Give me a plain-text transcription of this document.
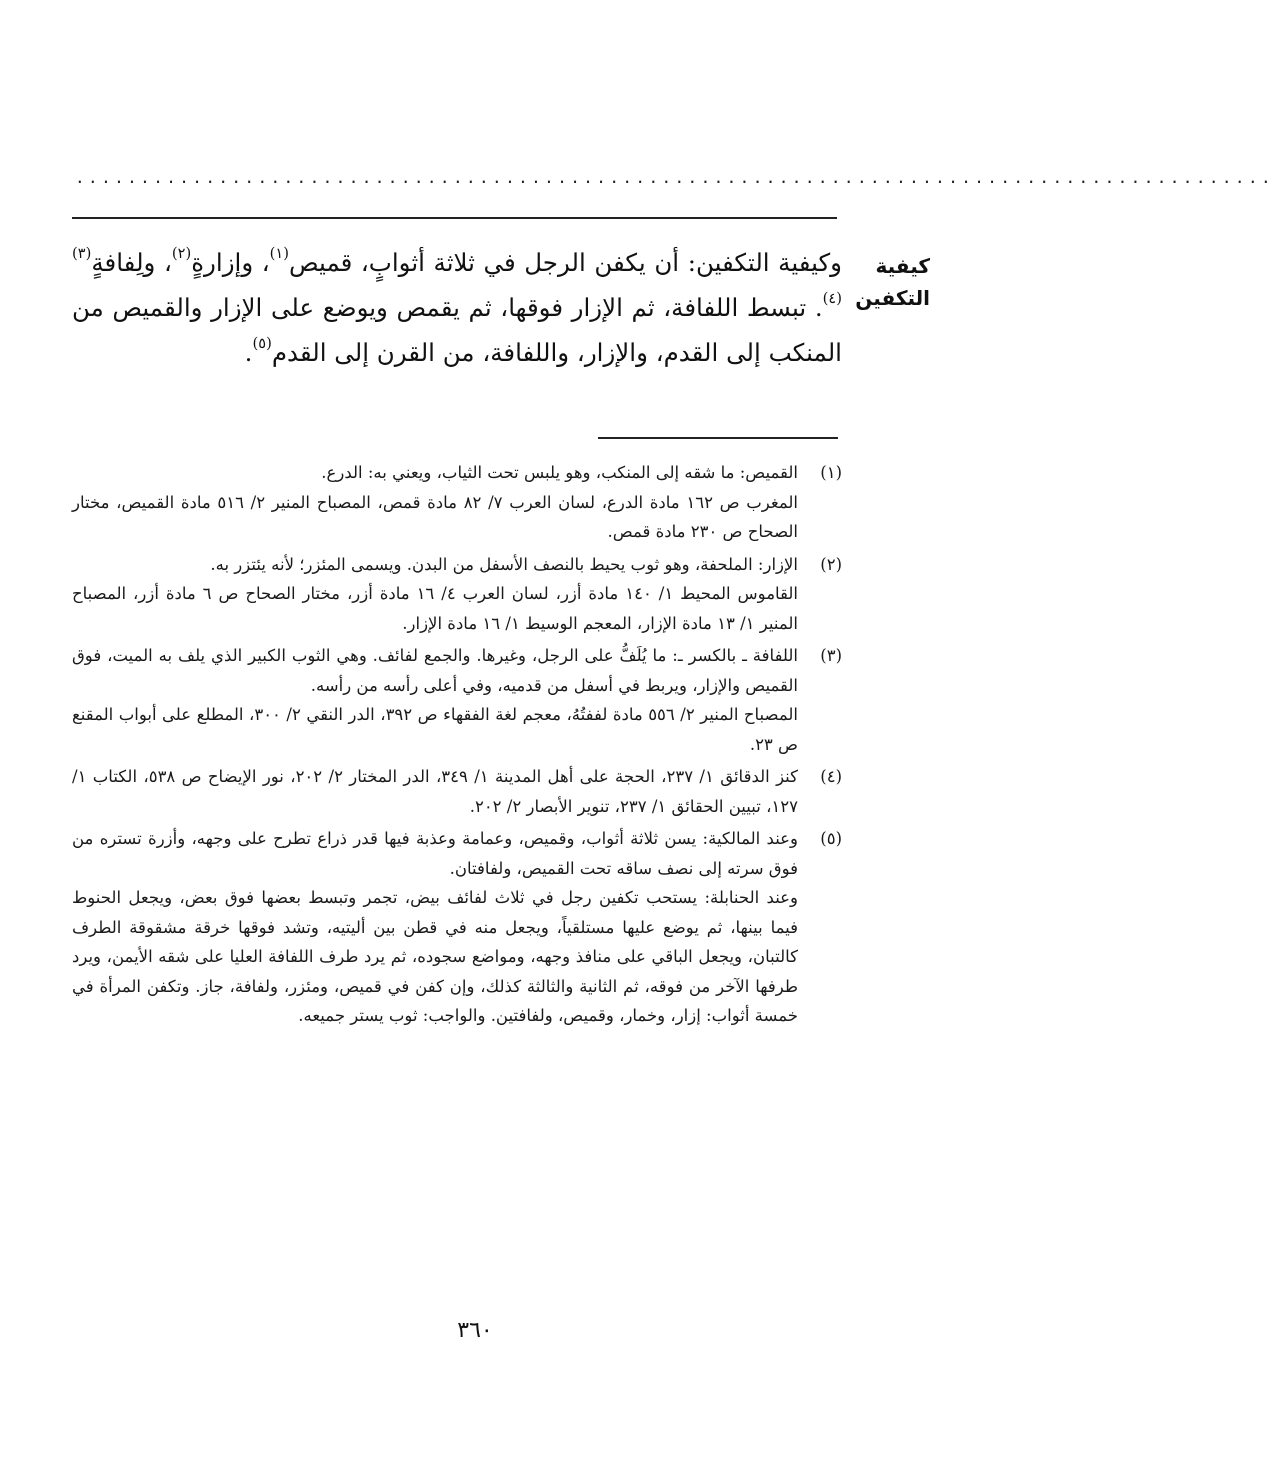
............................................................................................
كيفية
التكفين

وكيفية التكفين: أن يكفن الرجل في ثلاثة أثوابٍ، قميص$^{(١)}$، وإزارةٍ$^{(٢)}$، ولِفافةٍ$^{(٣) (٤)}$. تبسط اللفافة، ثم الإزار فوقها، ثم يقمص ويوضع على الإزار والقميص من المنكب إلى القدم، والإزار، واللفافة، من القرن إلى القدم$^{(٥)}$.

(١)

القميص: ما شقه إلى المنكب، وهو يلبس تحت الثياب، ويعني به: الدرع.

المغرب ص ١٦٢ مادة الدرع، لسان العرب ٧/ ٨٢ مادة قمص، المصباح المنير ٢/ ٥١٦ مادة القميص، مختار الصحاح ص ٢٣٠ مادة قمص.

(٢)

الإزار: الملحفة، وهو ثوب يحيط بالنصف الأسفل من البدن. ويسمى المئزر؛ لأنه يئتزر به.

القاموس المحيط ١/ ١٤٠ مادة أزر، لسان العرب ٤/ ١٦ مادة أزر، مختار الصحاح ص ٦ مادة أزر، المصباح المنير ١/ ١٣ مادة الإزار، المعجم الوسيط ١/ ١٦ مادة الإزار.

(٣)

اللفافة ـ بالكسر ـ: ما يُلَفُّ على الرجل، وغيرها. والجمع لفائف. وهي الثوب الكبير الذي يلف به الميت، فوق القميص والإزار، ويربط في أسفل من قدميه، وفي أعلى رأسه من رأسه.

المصباح المنير ٢/ ٥٥٦ مادة لففتُهُ، معجم لغة الفقهاء ص ٣٩٢، الدر النقي ٢/ ٣٠٠، المطلع على أبواب المقنع ص ٢٣.

(٤)

كنز الدقائق ١/ ٢٣٧، الحجة على أهل المدينة ١/ ٣٤٩، الدر المختار ٢/ ٢٠٢، نور الإيضاح ص ٥٣٨، الكتاب ١/ ١٢٧، تبيين الحقائق ١/ ٢٣٧، تنوير الأبصار ٢/ ٢٠٢.

(٥)

وعند المالكية: يسن ثلاثة أثواب، وقميص، وعمامة وعذبة فيها قدر ذراع تطرح على وجهه، وأزرة تستره من فوق سرته إلى نصف ساقه تحت القميص، ولفافتان.

وعند الحنابلة: يستحب تكفين رجل في ثلاث لفائف بيض، تجمر وتبسط بعضها فوق بعض، ويجعل الحنوط فيما بينها، ثم يوضع عليها مستلقياً، ويجعل منه في قطن بين أليتيه، وتشد فوقها خرقة مشقوقة الطرف كالتبان، ويجعل الباقي على منافذ وجهه، ومواضع سجوده، ثم يرد طرف اللفافة العليا على شقه الأيمن، ويرد طرفها الآخر من فوقه، ثم الثانية والثالثة كذلك، وإن كفن في قميص، ومئزر، ولفافة، جاز. وتكفن المرأة في خمسة أثواب: إزار، وخمار، وقميص، ولفافتين. والواجب: ثوب يستر جميعه.

٣٦٠
